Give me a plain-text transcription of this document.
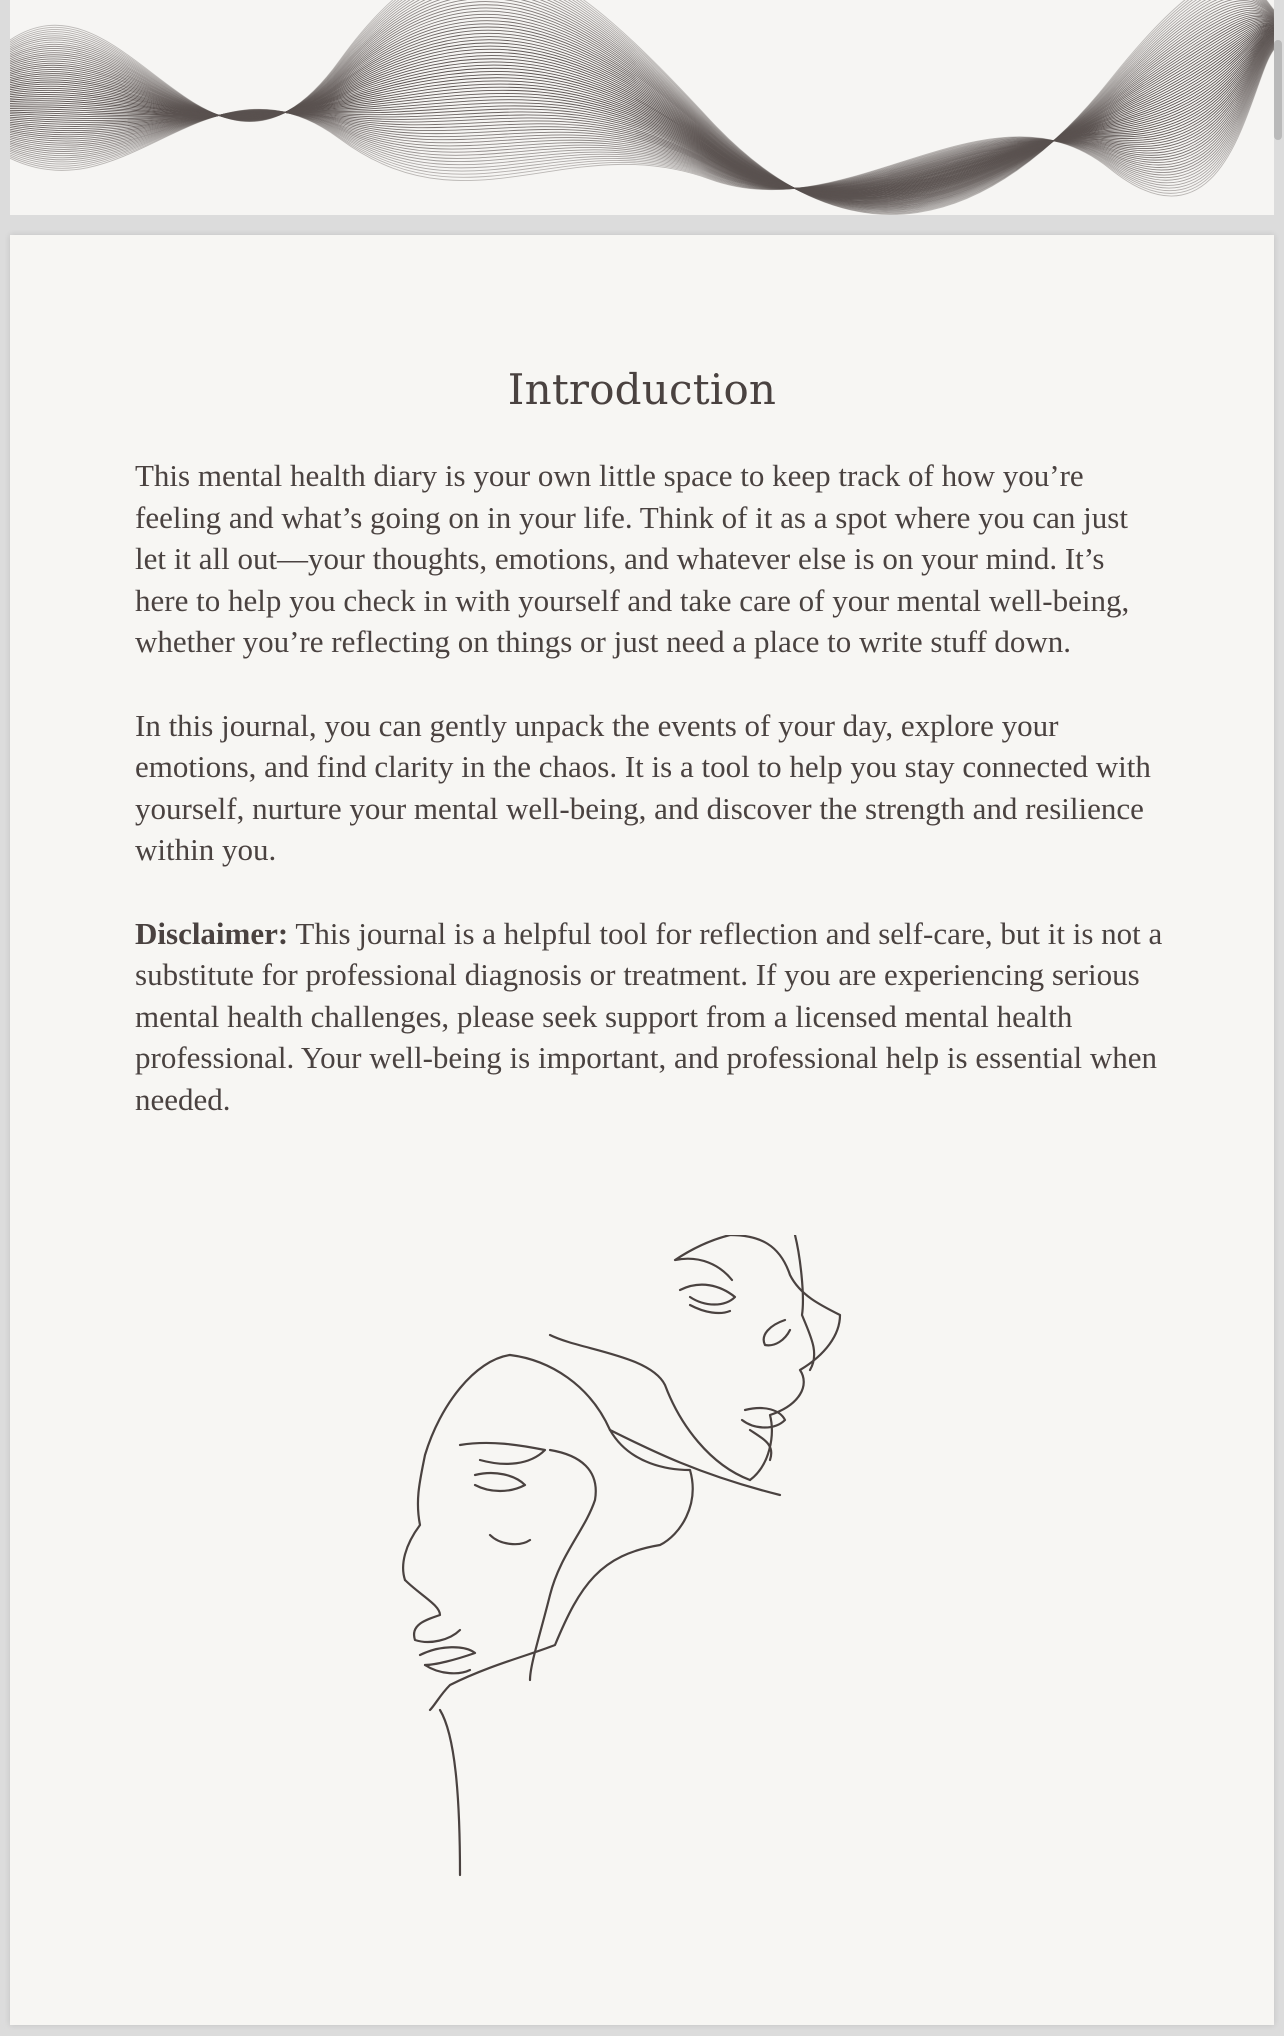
Introduction

This mental health diary is your own little space to keep track of how you’re feeling and what’s going on in your life. Think of it as a spot where you can just let it all out—your thoughts, emotions, and whatever else is on your mind. It’s here to help you check in with yourself and take care of your mental well-being, whether you’re reflecting on things or just need a place to write stuff down.

In this journal, you can gently unpack the events of your day, explore your emotions, and find clarity in the chaos. It is a tool to help you stay connected with yourself, nurture your mental well-being, and discover the strength and resilience within you.

Disclaimer: This journal is a helpful tool for reflection and self-care, but it is not a substitute for professional diagnosis or treatment. If you are experiencing serious mental health challenges, please seek support from a licensed mental health professional. Your well-being is important, and professional help is essential when needed.
